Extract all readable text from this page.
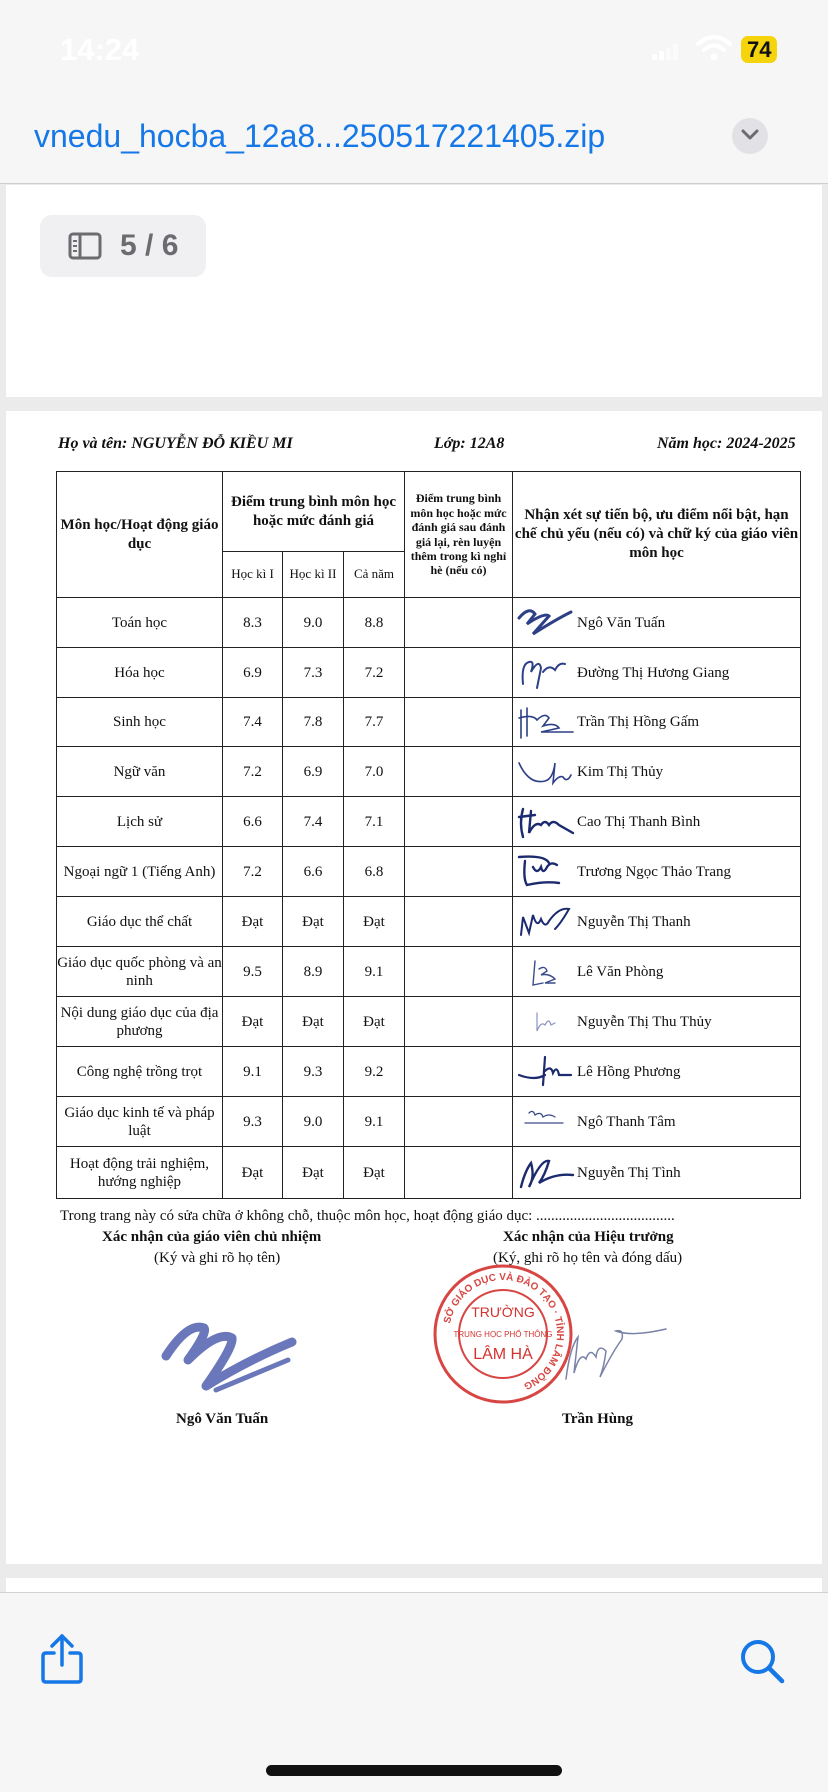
14:24	74
vnedu_hocba_12a8...250517221405.zip
5 / 6
Họ và tên: NGUYỄN ĐỖ KIỀU MI	Lớp: 12A8	Năm học: 2024-2025
Môn học/Hoạt động giáo dục	Điểm trung bình môn học hoặc mức đánh giá			Điểm trung bình môn học hoặc mức đánh giá sau đánh giá lại, rèn luyện thêm trong kì nghỉ hè (nếu có)	Nhận xét sự tiến bộ, ưu điểm nổi bật, hạn chế chủ yếu (nếu có) và chữ ký của giáo viên môn học
	Học kì I	Học kì II	Cả năm		
Toán học	8.3	9.0	8.8		Ngô Văn Tuấn

Hóa học	6.9	7.3	7.2		Đường Thị Hương Giang

Sinh học	7.4	7.8	7.7		Trần Thị Hồng Gấm

Ngữ văn	7.2	6.9	7.0		Kim Thị Thủy

Lịch sử	6.6	7.4	7.1		Cao Thị Thanh Bình

Ngoại ngữ 1 (Tiếng Anh)	7.2	6.6	6.8		Trương Ngọc Thảo Trang

Giáo dục thể chất	Đạt	Đạt	Đạt		Nguyễn Thị Thanh

Giáo dục quốc phòng và an ninh	9.5	8.9	9.1		Lê Văn Phòng

Nội dung giáo dục của địa phương	Đạt	Đạt	Đạt		Nguyễn Thị Thu Thủy

Công nghệ trồng trọt	9.1	9.3	9.2		Lê Hồng Phương

Giáo dục kinh tế và pháp luật	9.3	9.0	9.1		Ngô Thanh Tâm

Hoạt động trải nghiệm, hướng nghiệp	Đạt	Đạt	Đạt		Nguyễn Thị Tình
Trong trang này có sửa chữa ở không chỗ, thuộc môn học, hoạt động giáo dục: .....................................
Xác nhận của giáo viên chủ nhiệm
(Ký và ghi rõ họ tên)
Xác nhận của Hiệu trưởng
(Ký, ghi rõ họ tên và đóng dấu)
Ngô Văn Tuấn
SỞ GIÁO DỤC VÀ ĐÀO TẠO · TỈNH LÂM ĐỒNG
TRƯỜNG
TRUNG HỌC PHỔ THÔNG
LÂM HÀ
Trần Hùng
